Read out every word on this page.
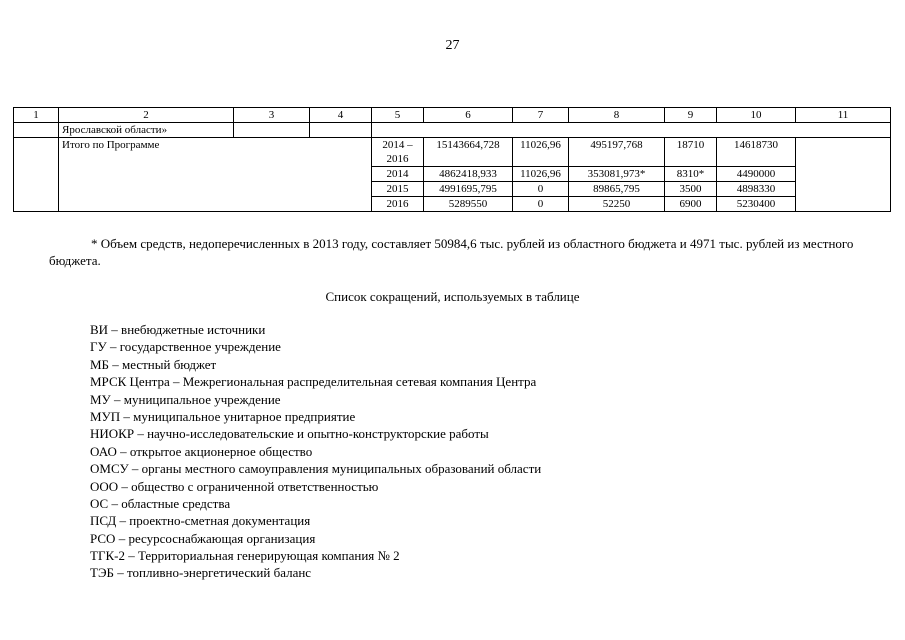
27
1	2	3	4	5	6	7	8	9	10	11
	Ярославской области»									
	Итого по Программе			2014 – 2016	15143664,728	11026,96	495197,768	18710	14618730	
				2014	4862418,933	11026,96	353081,973*	8310*	4490000	
				2015	4991695,795	0	89865,795	3500	4898330	
				2016	5289550	0	52250	6900	5230400	

* Объем средств, недоперечисленных в 2013 году, составляет 50984,6 тыс. рублей из областного бюджета и 4971 тыс. рублей из местного бюджета.

Список сокращений, используемых в таблице
ВИ – внебюджетные источники
ГУ – государственное учреждение
МБ – местный бюджет
МРСК Центра – Межрегиональная распределительная сетевая компания Центра
МУ – муниципальное учреждение
МУП – муниципальное унитарное предприятие
НИОКР – научно-исследовательские и опытно-конструкторские работы
ОАО – открытое акционерное общество
ОМСУ – органы местного самоуправления муниципальных образований области
ООО – общество с ограниченной ответственностью
ОС – областные средства
ПСД – проектно-сметная документация
РСО – ресурсоснабжающая организация
ТГК-2 – Территориальная генерирующая компания № 2
ТЭБ – топливно-энергетический баланс
